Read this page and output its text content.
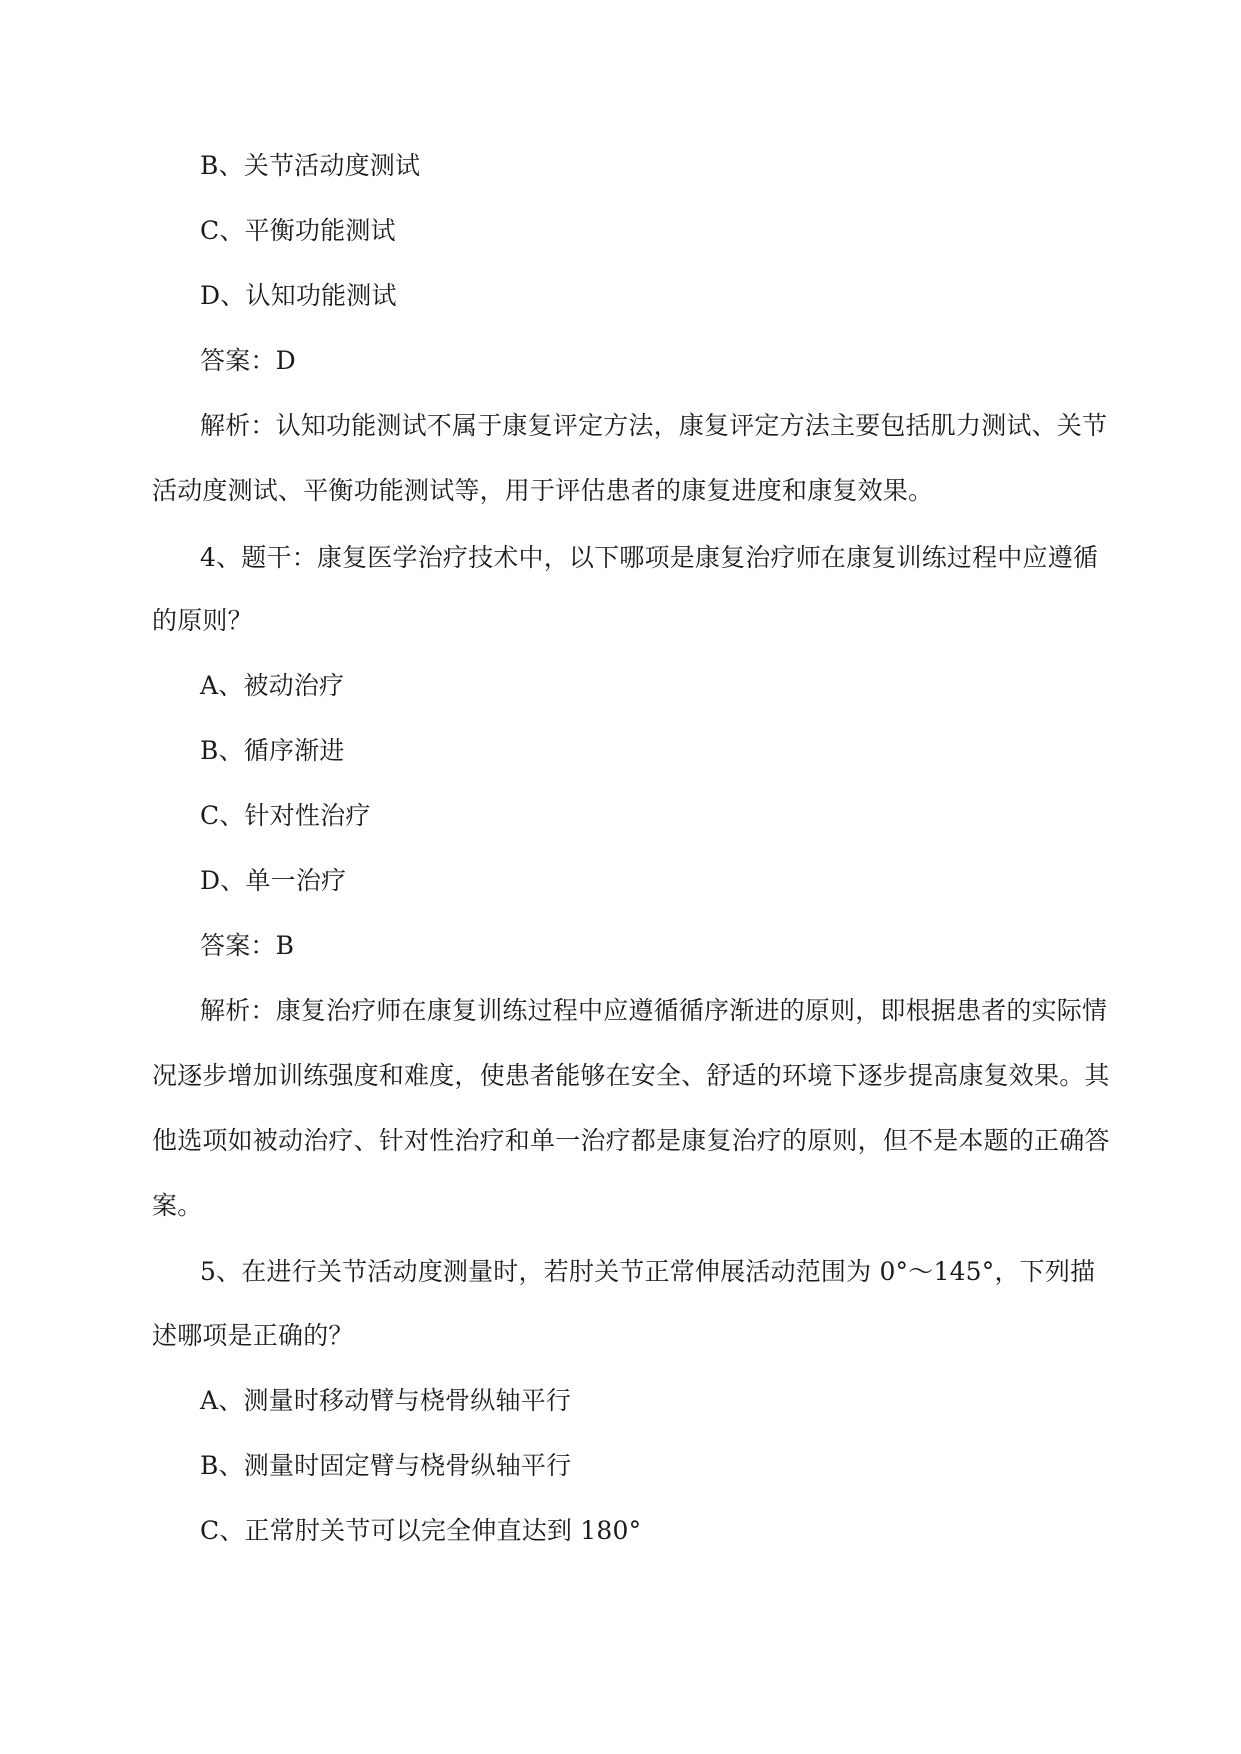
B、关节活动度测试
C、平衡功能测试
D、认知功能测试
答案：D
解析：认知功能测试不属于康复评定方法，康复评定方法主要包括肌力测试、关节
活动度测试、平衡功能测试等，用于评估患者的康复进度和康复效果。
4、题干：康复医学治疗技术中，以下哪项是康复治疗师在康复训练过程中应遵循
的原则？
A、被动治疗
B、循序渐进
C、针对性治疗
D、单一治疗
答案：B
解析：康复治疗师在康复训练过程中应遵循循序渐进的原则，即根据患者的实际情
况逐步增加训练强度和难度，使患者能够在安全、舒适的环境下逐步提高康复效果。其
他选项如被动治疗、针对性治疗和单一治疗都是康复治疗的原则，但不是本题的正确答
案。
5、在进行关节活动度测量时，若肘关节正常伸展活动范围为 0°～145°，下列描
述哪项是正确的？
A、测量时移动臂与桡骨纵轴平行
B、测量时固定臂与桡骨纵轴平行
C、正常肘关节可以完全伸直达到 180°
